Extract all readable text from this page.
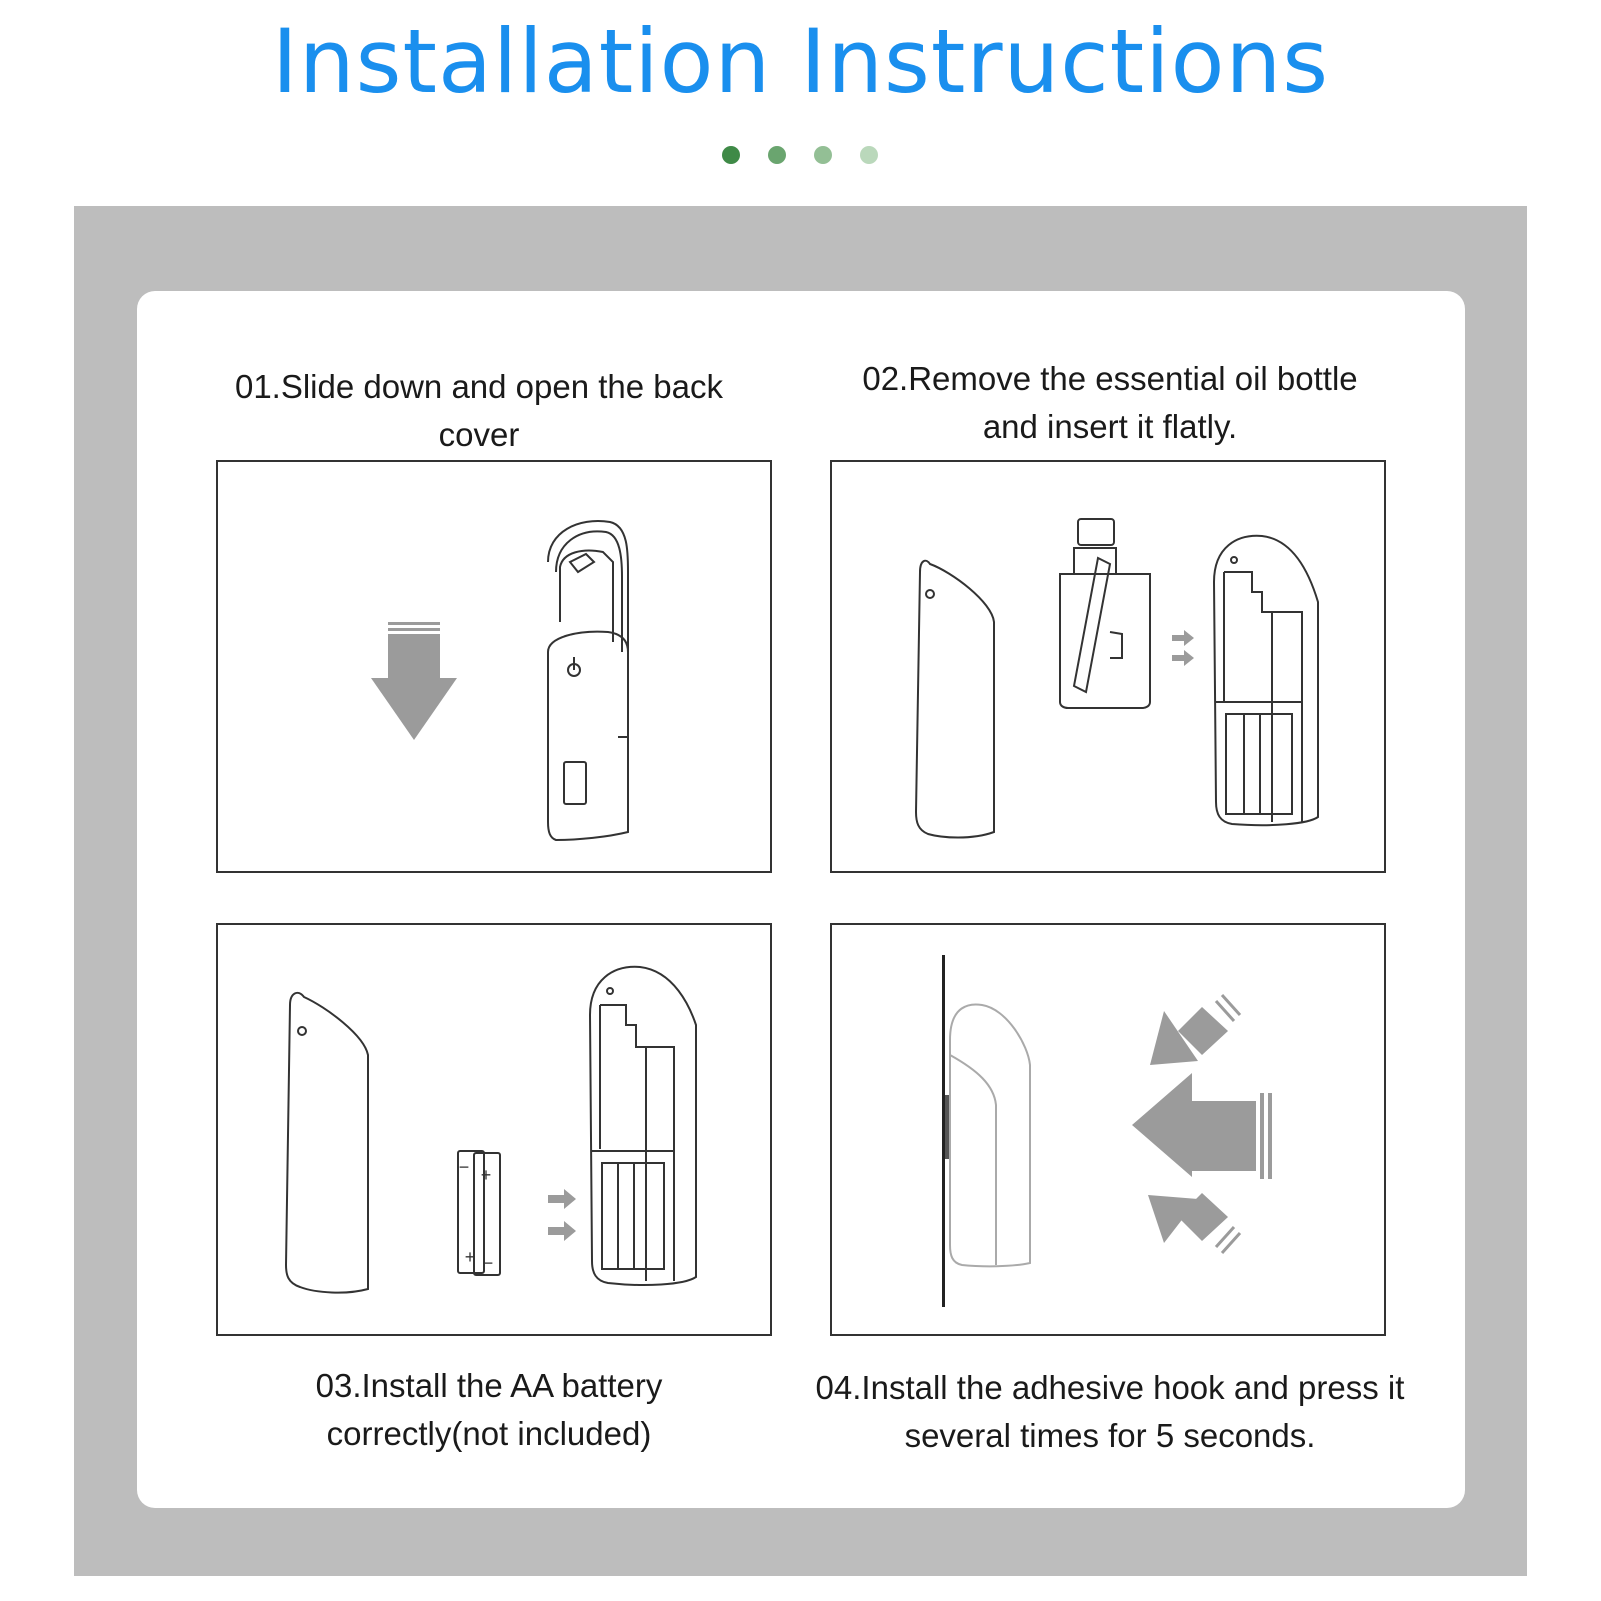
Installation Instructions
01.Slide down and open the back
cover
02.Remove the essential oil bottle
and insert it flatly.
+
−
+ −
03.Install the AA battery
correctly(not included)
04.Install the adhesive hook and press it
several times for 5 seconds.
